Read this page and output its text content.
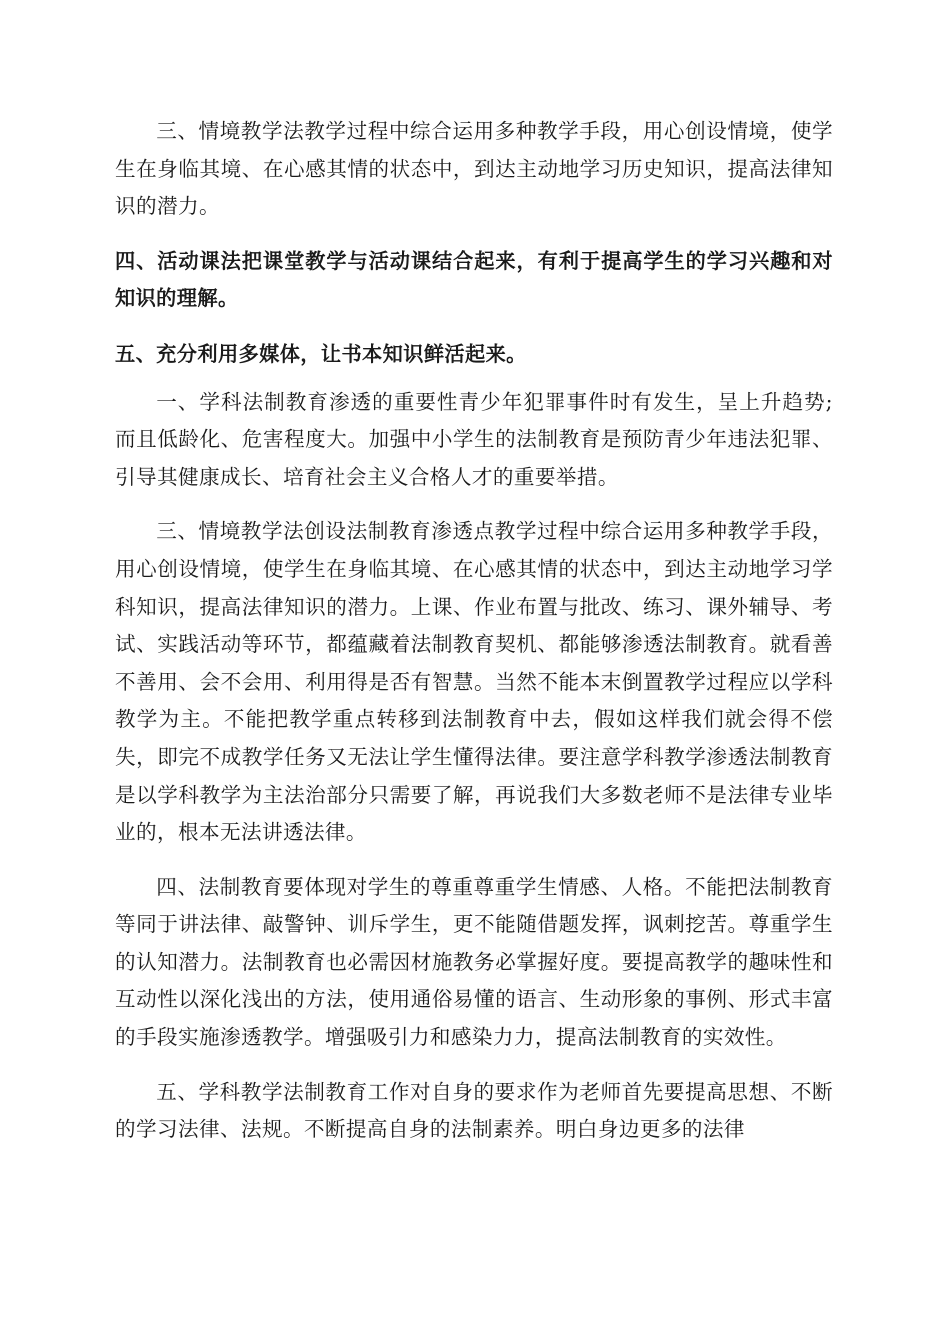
三、情境教学法教学过程中综合运用多种教学手段，用心创设情境，使学生在身临其境、在心感其情的状态中，到达主动地学习历史知识，提高法律知识的潜力。

四、活动课法把课堂教学与活动课结合起来，有利于提高学生的学习兴趣和对知识的理解。

五、充分利用多媒体，让书本知识鲜活起来。

一、学科法制教育渗透的重要性青少年犯罪事件时有发生，呈上升趋势;而且低龄化、危害程度大。加强中小学生的法制教育是预防青少年违法犯罪、引导其健康成长、培育社会主义合格人才的重要举措。

三、情境教学法创设法制教育渗透点教学过程中综合运用多种教学手段，用心创设情境，使学生在身临其境、在心感其情的状态中，到达主动地学习学科知识，提高法律知识的潜力。上课、作业布置与批改、练习、课外辅导、考试、实践活动等环节，都蕴藏着法制教育契机、都能够渗透法制教育。就看善不善用、会不会用、利用得是否有智慧。当然不能本末倒置教学过程应以学科教学为主。不能把教学重点转移到法制教育中去，假如这样我们就会得不偿失，即完不成教学任务又无法让学生懂得法律。要注意学科教学渗透法制教育是以学科教学为主法治部分只需要了解，再说我们大多数老师不是法律专业毕业的，根本无法讲透法律。

四、法制教育要体现对学生的尊重尊重学生情感、人格。不能把法制教育等同于讲法律、敲警钟、训斥学生，更不能随借题发挥，讽刺挖苦。尊重学生的认知潜力。法制教育也必需因材施教务必掌握好度。要提高教学的趣味性和互动性以深化浅出的方法，使用通俗易懂的语言、生动形象的事例、形式丰富的手段实施渗透教学。增强吸引力和感染力力，提高法制教育的实效性。

五、学科教学法制教育工作对自身的要求作为老师首先要提高思想、不断的学习法律、法规。不断提高自身的法制素养。明白身边更多的法律
